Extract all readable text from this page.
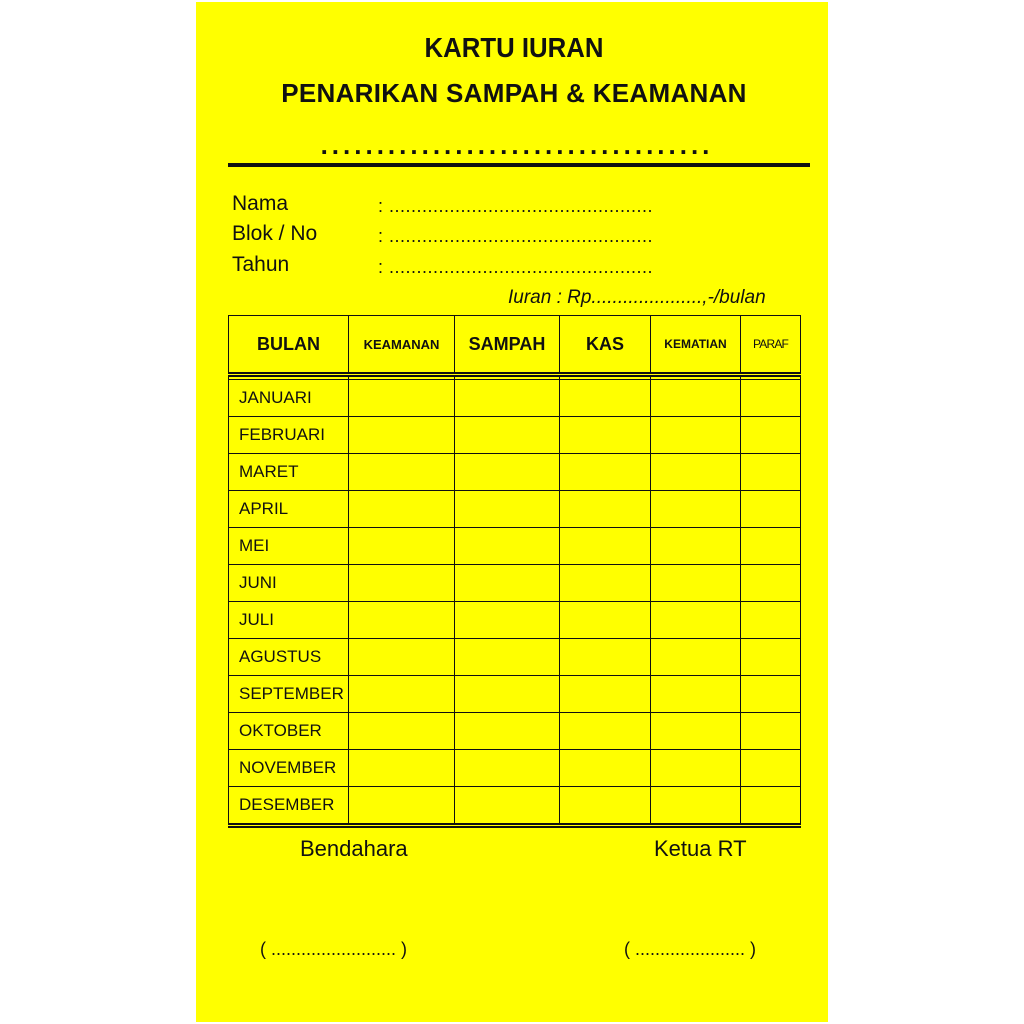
KARTU IURAN
PENARIKAN SAMPAH & KEAMANAN
...................................
Nama	: ................................................
Blok / No	: ................................................
Tahun	: ................................................
Iuran : Rp.....................,-/bulan
BULAN	KEAMANAN	SAMPAH	KAS	KEMATIAN	PARAF

JANUARI					
FEBRUARI					
MARET					
APRIL					
MEI					
JUNI					
JULI					
AGUSTUS					
SEPTEMBER					
OKTOBER					
NOVEMBER					
DESEMBER					
Bendahara	Ketua RT
( ......................... )	( ...................... )
